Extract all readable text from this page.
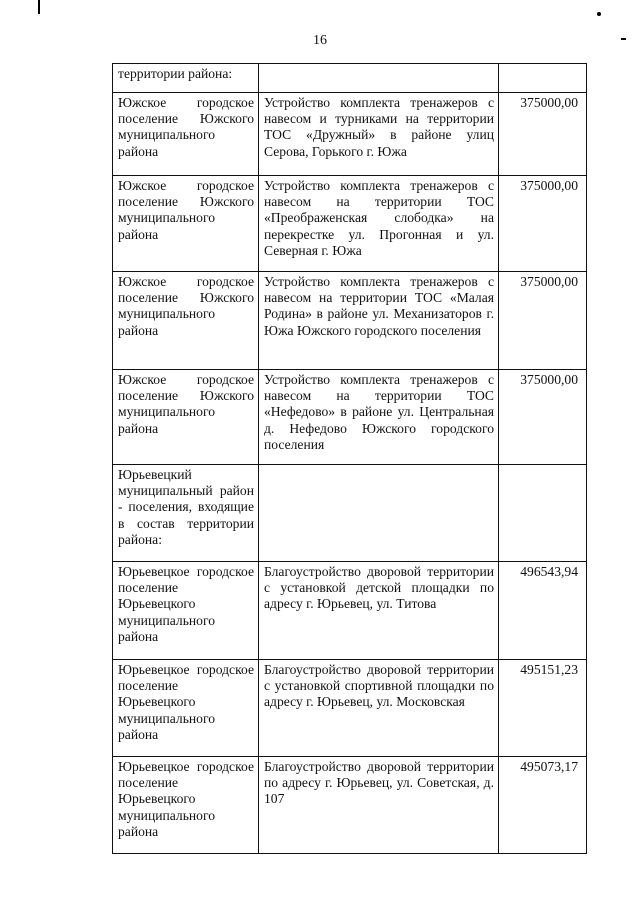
16
территории района:		
Южское городское поселение Южского муниципального района	Устройство комплекта тренажеров с навесом и турниками на территории ТОС «Дружный» в районе улиц Серова, Горького г. Южа	375000,00
Южское городское поселение Южского муниципального района	Устройство комплекта тренажеров с навесом на территории ТОС «Преображенская слободка» на перекрестке ул. Прогонная и ул. Северная г. Южа	375000,00
Южское городское поселение Южского муниципального района	Устройство комплекта тренажеров с навесом на территории ТОС «Малая Родина» в районе ул. Механизаторов г. Южа Южского городского поселения	375000,00
Южское городское поселение Южского муниципального района	Устройство комплекта тренажеров с навесом на территории ТОС «Нефедово» в районе ул. Центральная д. Нефедово Южского городского поселения	375000,00
Юрьевецкий муниципальный район - поселения, входящие в состав территории района:		
Юрьевецкое городское поселение Юрьевецкого муниципального района	Благоустройство дворовой территории с установкой детской площадки по адресу г. Юрьевец, ул. Титова	496543,94
Юрьевецкое городское поселение Юрьевецкого муниципального района	Благоустройство дворовой территории с установкой спортивной площадки по адресу г. Юрьевец, ул. Московская	495151,23
Юрьевецкое городское поселение Юрьевецкого муниципального района	Благоустройство дворовой территории по адресу г. Юрьевец, ул. Советская, д. 107	495073,17
